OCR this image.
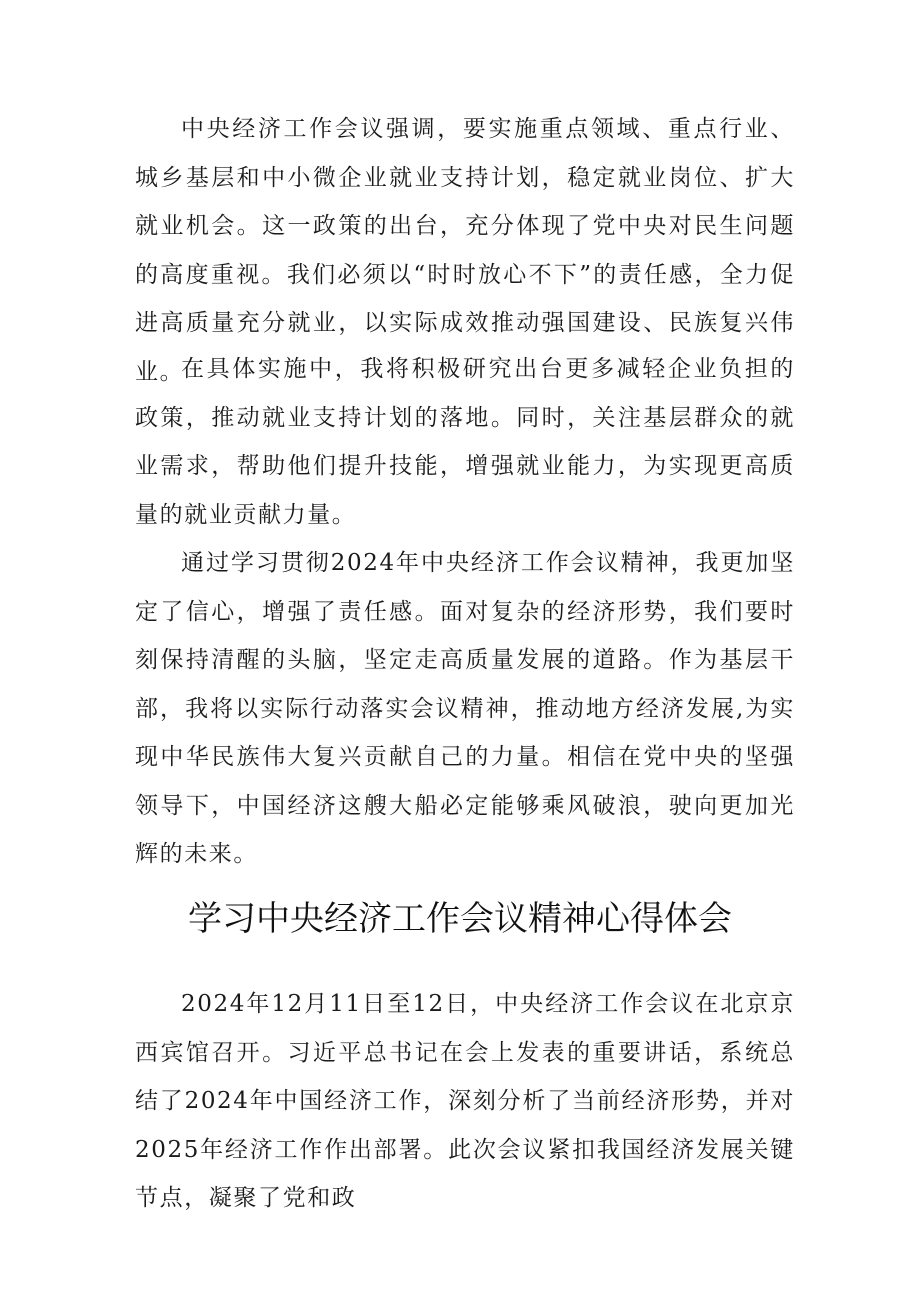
中央经济工作会议强调，要实施重点领域、重点行业、城乡基层和中小微企业就业支持计划，稳定就业岗位、扩大就业机会。这一政策的出台，充分体现了党中央对民生问题的高度重视。我们必须以“时时放心不下”的责任感，全力促进高质量充分就业，以实际成效推动强国建设、民族复兴伟业。

在具体实施中，我将积极研究出台更多减轻企业负担的政策，推动就业支持计划的落地。同时，关注基层群众的就业需求，帮助他们提升技能，增强就业能力，为实现更高质量的就业贡献力量。

通过学习贯彻2024年中央经济工作会议精神，我更加坚定了信心，增强了责任感。面对复杂的经济形势，我们要时刻保持清醒的头脑，坚定走高质量发展的道路。作为基层干部，我将以实际行动落实会议精神，推动地方经济发展,为实现中华民族伟大复兴贡献自己的力量。相信在党中央的坚强领导下，中国经济这艘大船必定能够乘风破浪，驶向更加光辉的未来。

学习中央经济工作会议精神心得体会

2024年12月11日至12日，中央经济工作会议在北京京西宾馆召开。习近平总书记在会上发表的重要讲话，系统总结了2024年中国经济工作，深刻分析了当前经济形势，并对2025年经济工作作出部署。此次会议紧扣我国经济发展关键节点，凝聚了党和政
